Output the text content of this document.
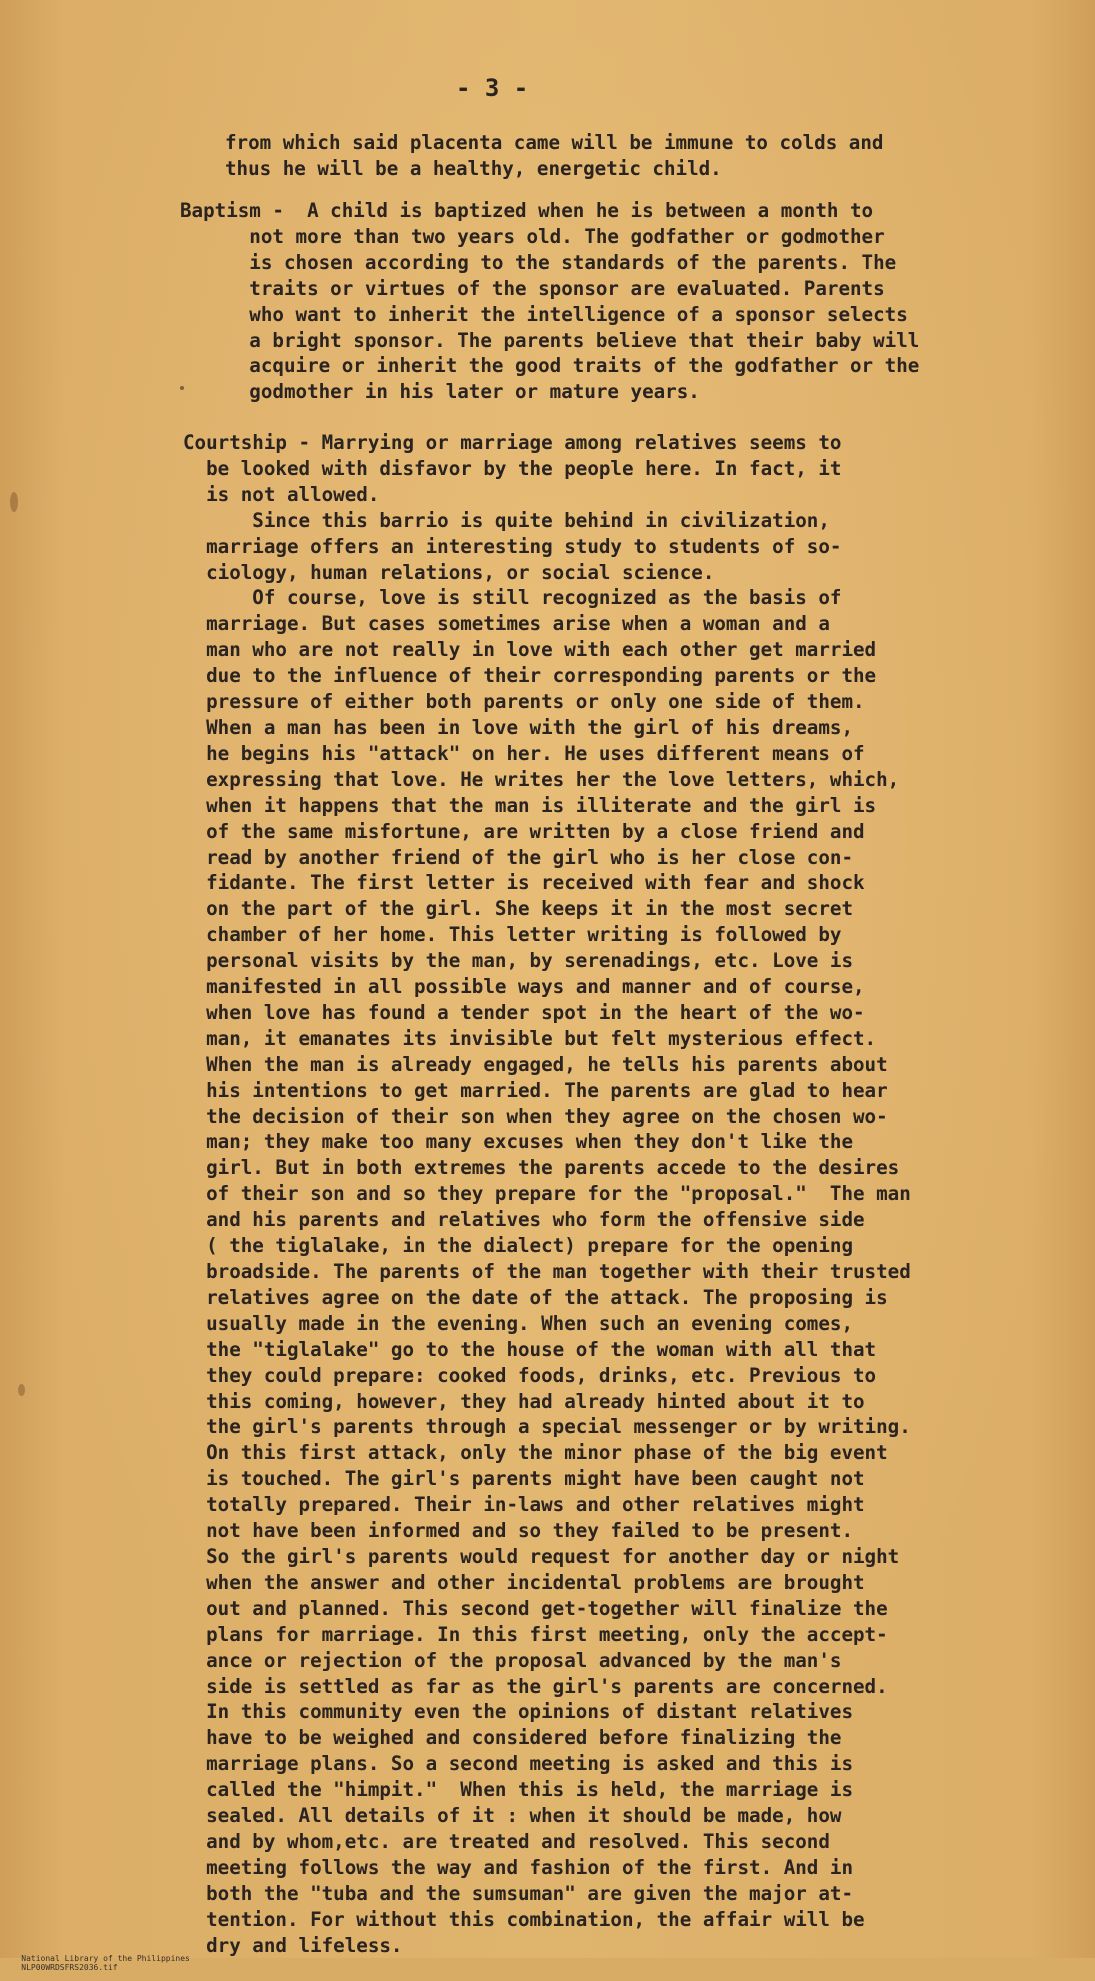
- 3 -
from which said placenta came will be immune to colds and
thus he will be a healthy, energetic child.
Baptism -  A child is baptized when he is between a month to
not more than two years old. The godfather or godmother
is chosen according to the standards of the parents. The
traits or virtues of the sponsor are evaluated. Parents
who want to inherit the intelligence of a sponsor selects
a bright sponsor. The parents believe that their baby will
acquire or inherit the good traits of the godfather or the
godmother in his later or mature years.
Courtship - Marrying or marriage among relatives seems to
be looked with disfavor by the people here. In fact, it
is not allowed.
Since this barrio is quite behind in civilization,
marriage offers an interesting study to students of so-
ciology, human relations, or social science.
Of course, love is still recognized as the basis of
marriage. But cases sometimes arise when a woman and a
man who are not really in love with each other get married
due to the influence of their corresponding parents or the
pressure of either both parents or only one side of them.
When a man has been in love with the girl of his dreams,
he begins his "attack" on her. He uses different means of
expressing that love. He writes her the love letters, which,
when it happens that the man is illiterate and the girl is
of the same misfortune, are written by a close friend and
read by another friend of the girl who is her close con-
fidante. The first letter is received with fear and shock
on the part of the girl. She keeps it in the most secret
chamber of her home. This letter writing is followed by
personal visits by the man, by serenadings, etc. Love is
manifested in all possible ways and manner and of course,
when love has found a tender spot in the heart of the wo-
man, it emanates its invisible but felt mysterious effect.
When the man is already engaged, he tells his parents about
his intentions to get married. The parents are glad to hear
the decision of their son when they agree on the chosen wo-
man; they make too many excuses when they don't like the
girl. But in both extremes the parents accede to the desires
of their son and so they prepare for the "proposal."  The man
and his parents and relatives who form the offensive side
( the tiglalake, in the dialect) prepare for the opening
broadside. The parents of the man together with their trusted
relatives agree on the date of the attack. The proposing is
usually made in the evening. When such an evening comes,
the "tiglalake" go to the house of the woman with all that
they could prepare: cooked foods, drinks, etc. Previous to
this coming, however, they had already hinted about it to
the girl's parents through a special messenger or by writing.
On this first attack, only the minor phase of the big event
is touched. The girl's parents might have been caught not
totally prepared. Their in-laws and other relatives might
not have been informed and so they failed to be present.
So the girl's parents would request for another day or night
when the answer and other incidental problems are brought
out and planned. This second get-together will finalize the
plans for marriage. In this first meeting, only the accept-
ance or rejection of the proposal advanced by the man's
side is settled as far as the girl's parents are concerned.
In this community even the opinions of distant relatives
have to be weighed and considered before finalizing the
marriage plans. So a second meeting is asked and this is
called the "himpit."  When this is held, the marriage is
sealed. All details of it : when it should be made, how
and by whom,etc. are treated and resolved. This second
meeting follows the way and fashion of the first. And in
both the "tuba and the sumsuman" are given the major at-
tention. For without this combination, the affair will be
dry and lifeless.

National Library of the Philippines
NLP00WRDSFRS2036.tif
